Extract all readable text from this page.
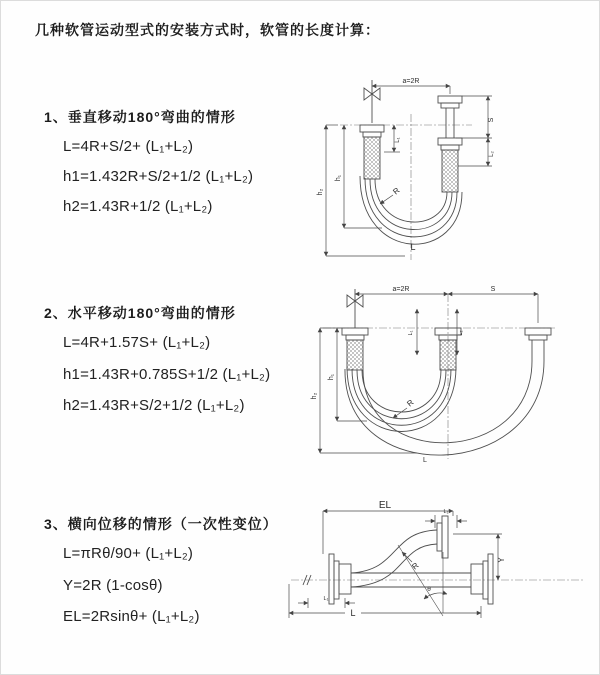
几种软管运动型式的安装方式时，软管的长度计算：
1、垂直移动180°弯曲的情形
L=4R+S/2+ (L₁+L₂)
h1=1.432R+S/2+1/2 (L₁+L₂)
h2=1.43R+1/2 (L₁+L₂)
2、水平移动180°弯曲的情形
L=4R+1.57S+ (L₁+L₂)
h1=1.43R+0.785S+1/2 (L₁+L₂)
h2=1.43R+S/2+1/2 (L₁+L₂)
3、横向位移的情形（一次性变位）
L=πRθ/90+ (L₁+L₂)
Y=2R (1-cosθ)
EL=2Rsinθ+ (L₁+L₂)
a=2R
L₁
S
L₂
h₁
h₂	R
L
a=2R	S
L₁	L₂
h₁
h₂
R
L
EL
L₁
Y
R
θ
L
L₁
